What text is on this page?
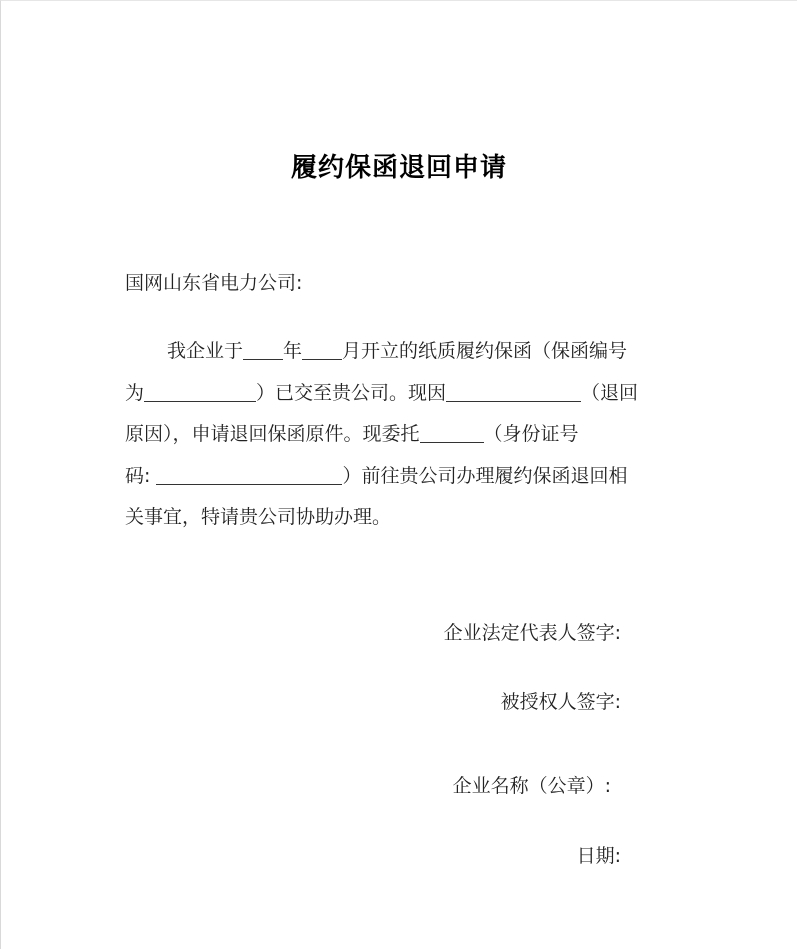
履约保函退回申请
国网山东省电力公司:
我企业于 年 月开立的纸质履约保函（保函编号
为	）已交至贵公司。现因	（退回
原因），申请退回保函原件。现委托	（身份证号
码:	）前往贵公司办理履约保函退回相
关事宜，特请贵公司协助办理。
企业法定代表人签字:
被授权人签字:
企业名称（公章）:
日期:
